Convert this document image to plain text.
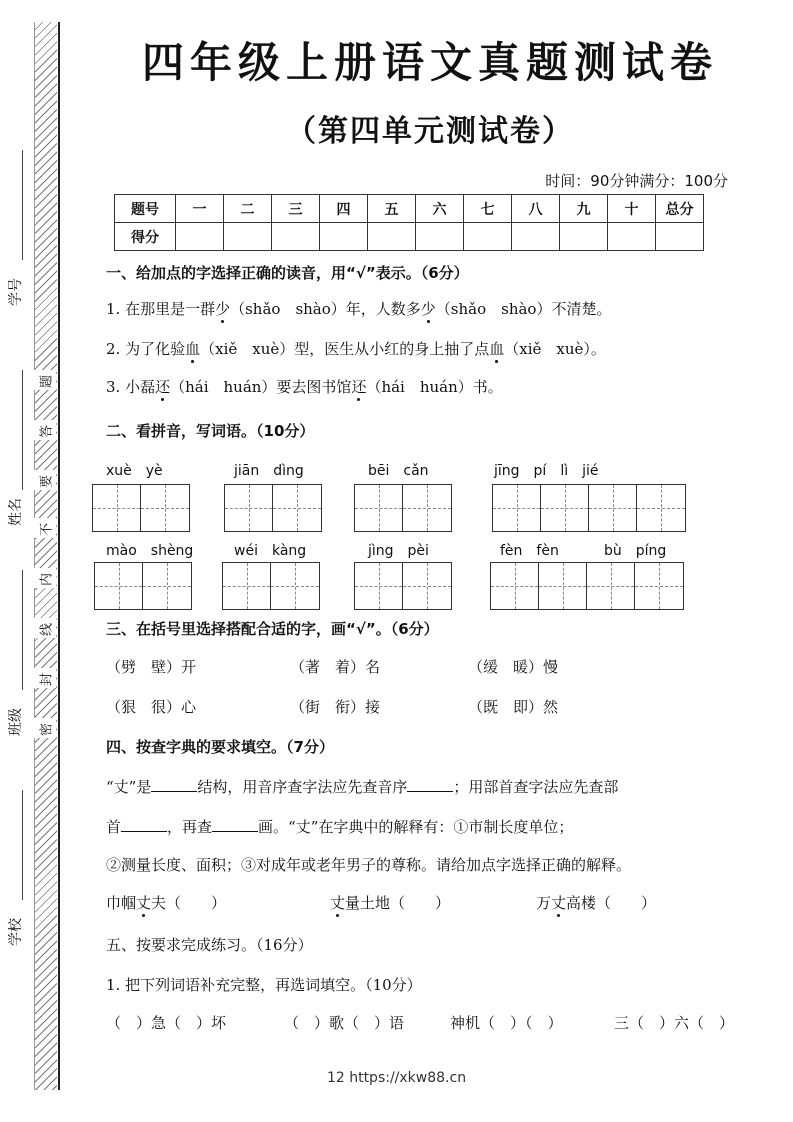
学号
姓名
班级
学校
题
答
要
不
内
线
封
密
四年级上册语文真题测试卷
（第四单元测试卷）
时间：90分钟满分：100分
题号	一	二	三	四	五	六	七	八	九	十	总分
得分											
一、给加点的字选择正确的读音，用“√”表示。（6分）
1. 在那里是一群少（shǎo　shào）年，人数多少（shǎo　shào）不清楚。
2. 为了化验血（xiě　xuè）型，医生从小红的身上抽了点血（xiě　xuè）。
3. 小磊还（hái　huán）要去图书馆还（hái　huán）书。
二、看拼音，写词语。（10分）
xuè　yè	jiān　dìng	bēi　cǎn	jīng　pí　lì　jié
mào　shèng	wéi　kàng	jìng　pèi	fèn　fèn	bù　píng
三、在括号里选择搭配合适的字，画“√”。（6分）
（劈　壁）开	（著　着）名	（缓　暖）慢
（狠　很）心	（街　衔）接	（既　即）然
四、按查字典的要求填空。（7分）
“丈”是	结构，用音序查字法应先查音序	；用部首查字法应先查部
首	，再查	画。“丈”在字典中的解释有：①市制长度单位；
②测量长度、面积；③对成年或老年男子的尊称。请给加点字选择正确的解释。
巾帼丈夫（　　）	丈量土地（　　）	万丈高楼（　　）
五、按要求完成练习。（16分）
1. 把下列词语补充完整，再选词填空。（10分）
（　）急（　）坏	（　）歌（　）语	神机（　）（　）	三（　）六（　）
12 https://xkw88.cn
